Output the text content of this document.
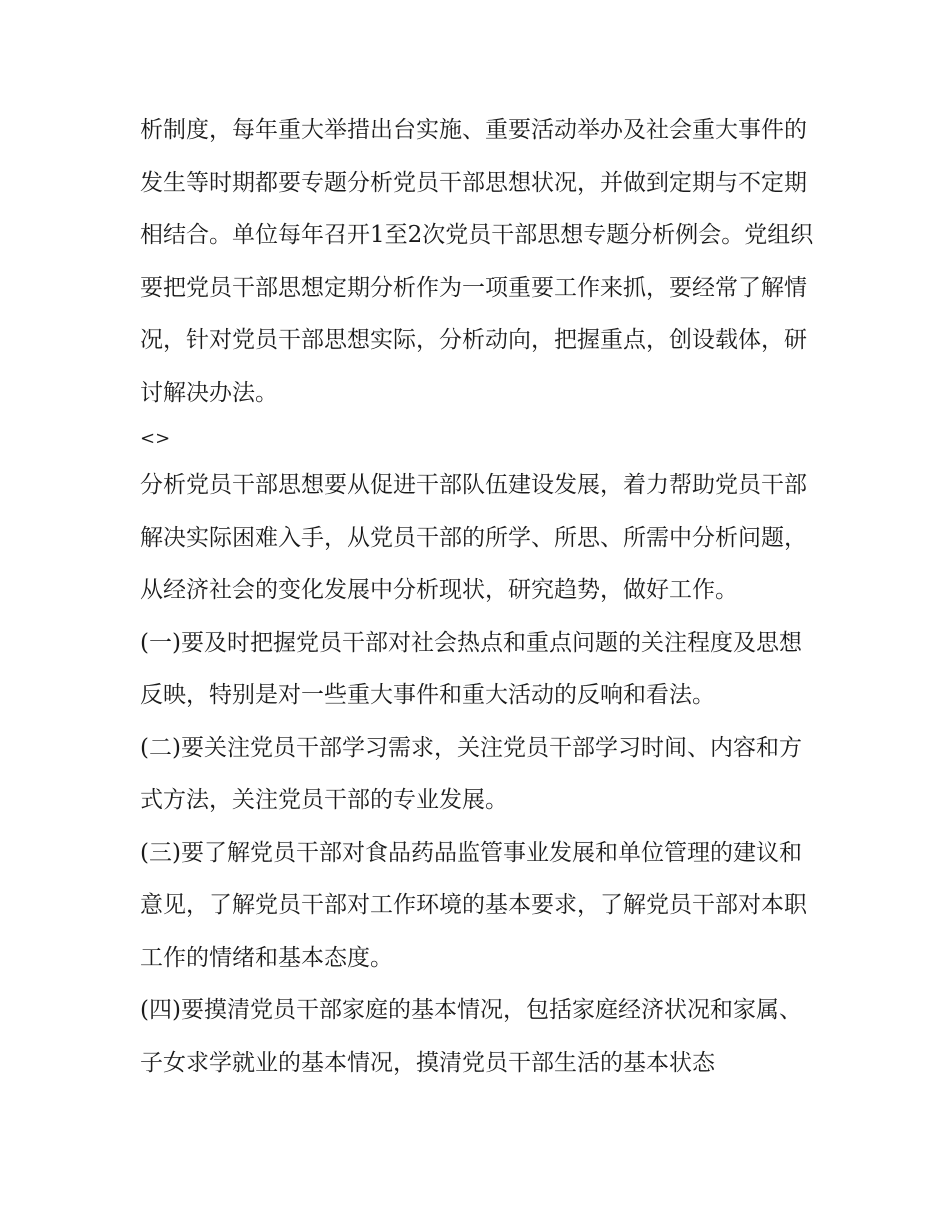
析制度，每年重大举措出台实施、重要活动举办及社会重大事件的发生等时期都要专题分析党员干部思想状况，并做到定期与不定期相结合。单位每年召开1至2次党员干部思想专题分析例会。党组织要把党员干部思想定期分析作为一项重要工作来抓，要经常了解情况，针对党员干部思想实际，分析动向，把握重点，创设载体，研讨解决办法。

<>

分析党员干部思想要从促进干部队伍建设发展，着力帮助党员干部解决实际困难入手，从党员干部的所学、所思、所需中分析问题，从经济社会的变化发展中分析现状，研究趋势，做好工作。

(一)要及时把握党员干部对社会热点和重点问题的关注程度及思想反映，特别是对一些重大事件和重大活动的反响和看法。

(二)要关注党员干部学习需求，关注党员干部学习时间、内容和方式方法，关注党员干部的专业发展。

(三)要了解党员干部对食品药品监管事业发展和单位管理的建议和意见，了解党员干部对工作环境的基本要求，了解党员干部对本职工作的情绪和基本态度。

(四)要摸清党员干部家庭的基本情况，包括家庭经济状况和家属、子女求学就业的基本情况，摸清党员干部生活的基本状态
